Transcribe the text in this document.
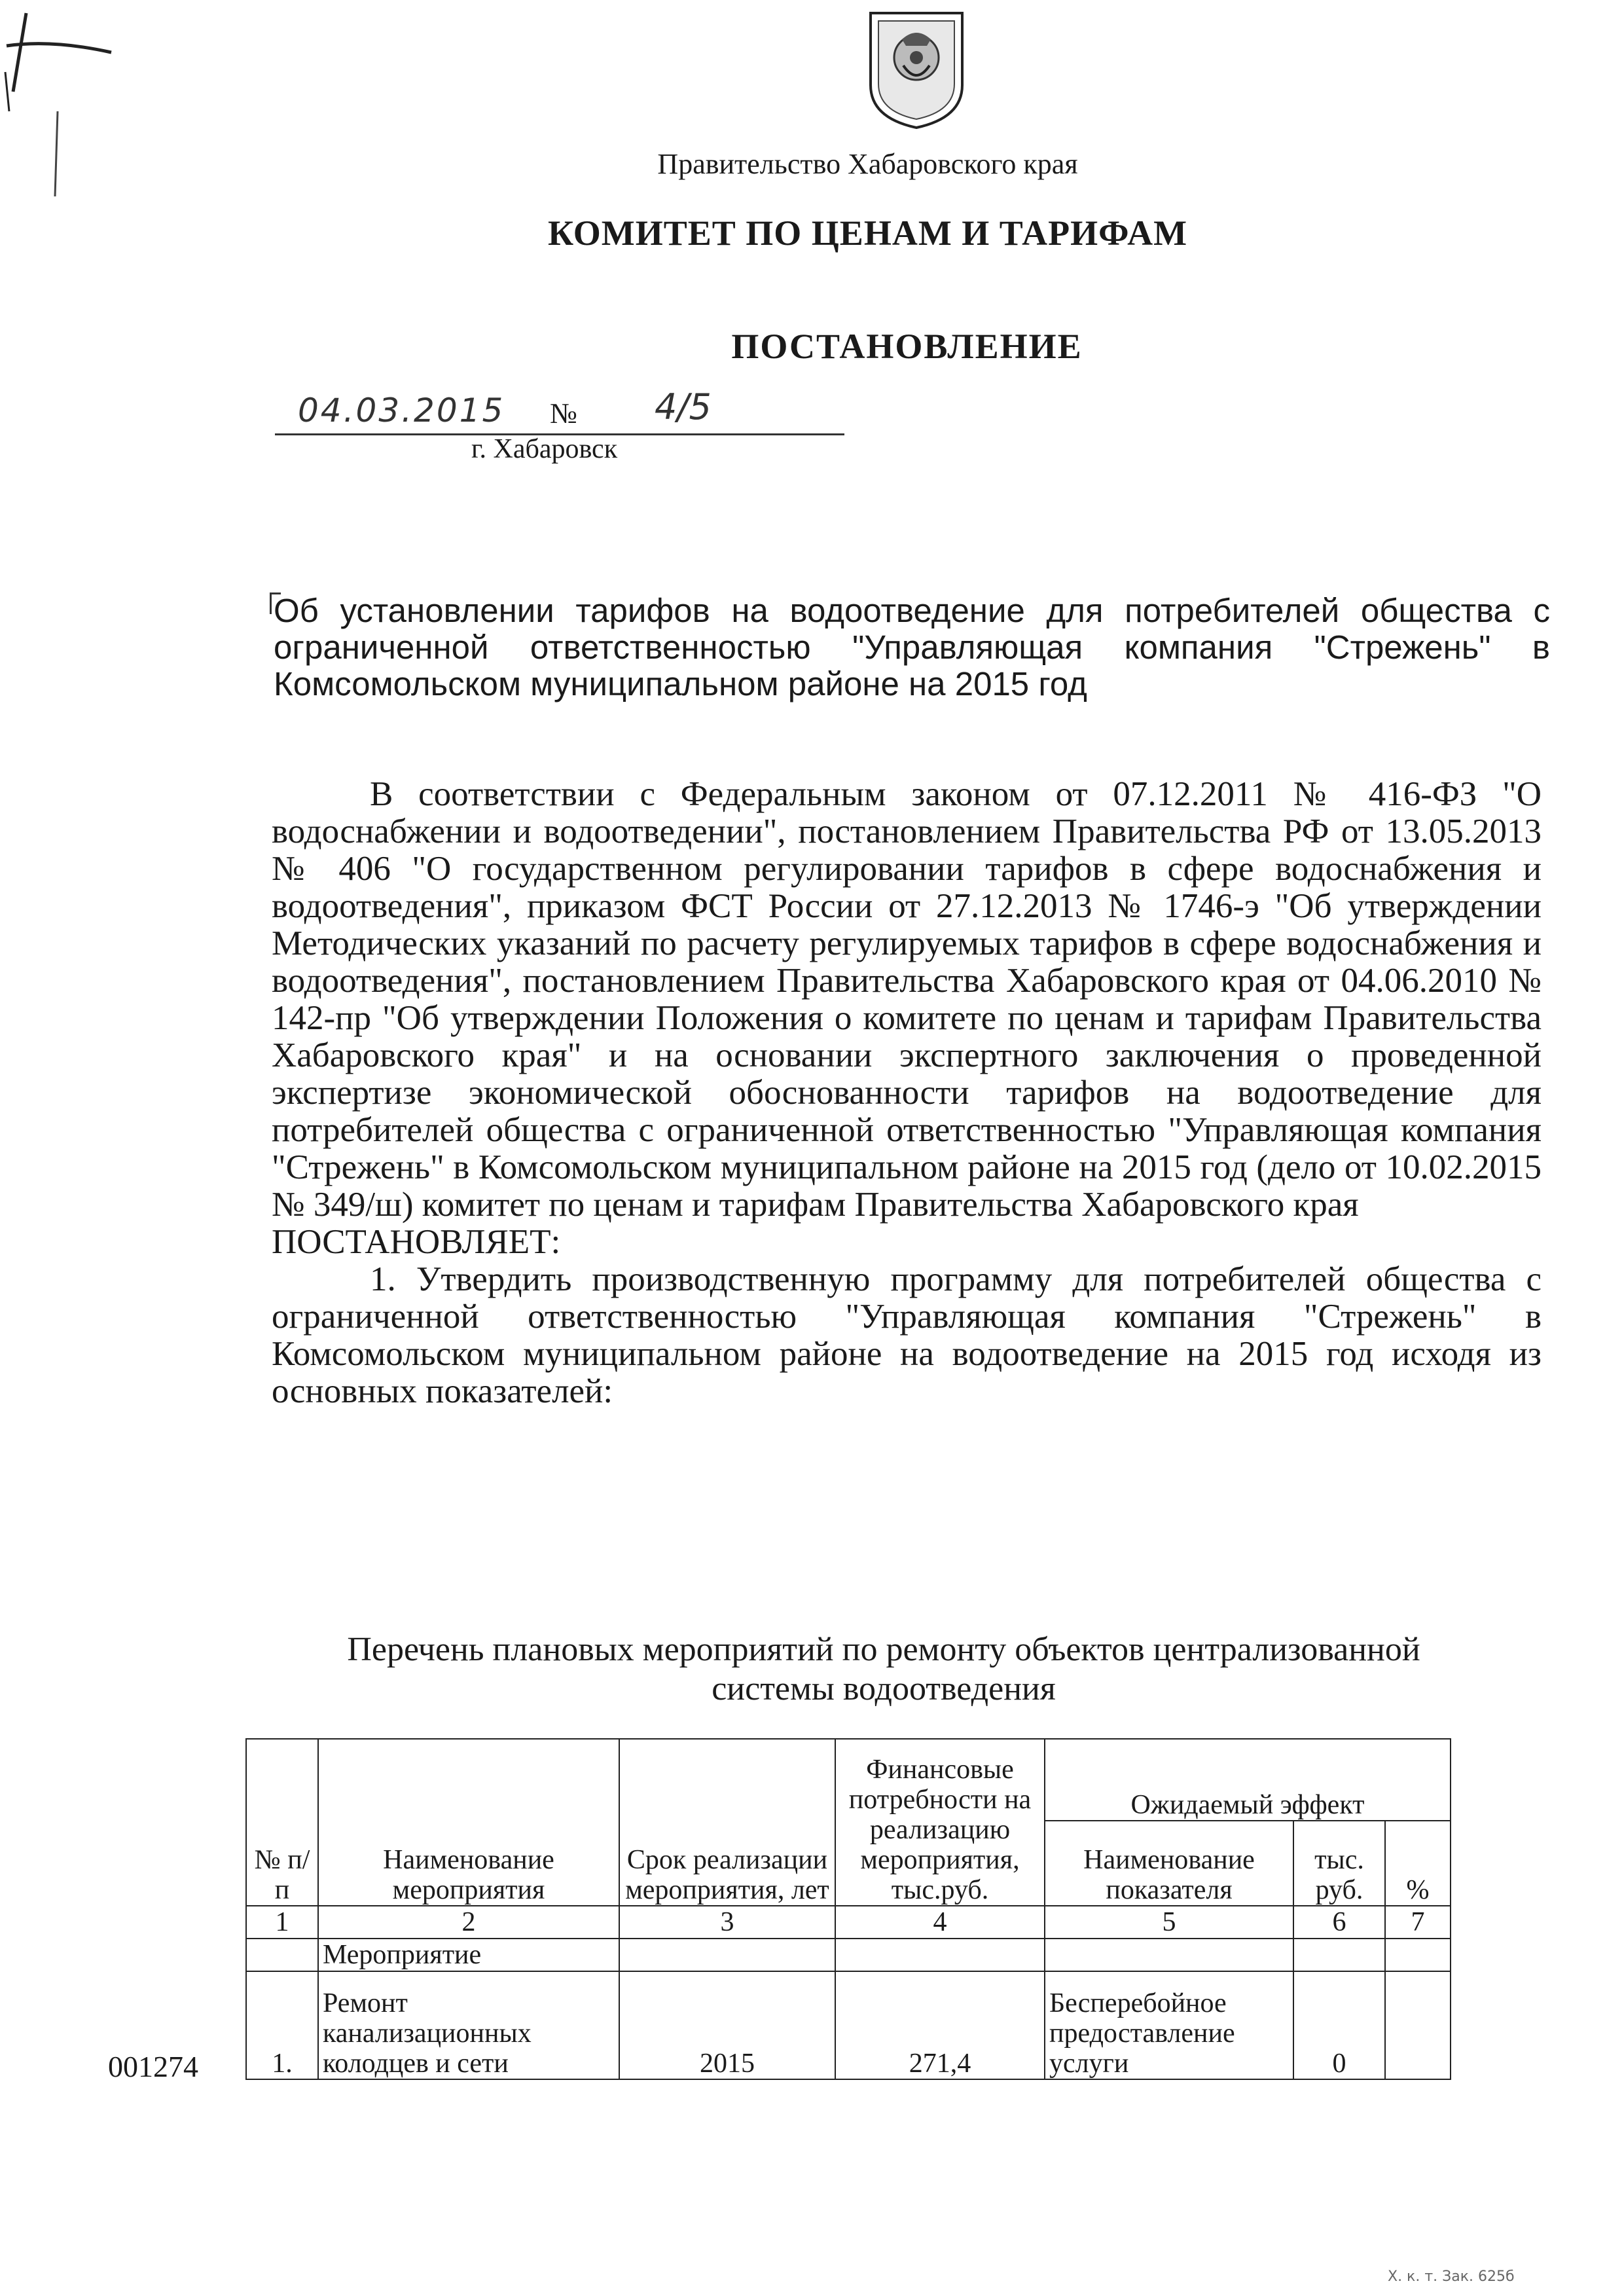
Правительство Хабаровского края
КОМИТЕТ ПО ЦЕНАМ И ТАРИФАМ
ПОСТАНОВЛЕНИЕ
04.03.2015 № 4/5
г. Хабаровск
Об установлении тарифов на водоотведение для потребителей общества с ограниченной ответственностью "Управляющая компания "Стрежень" в Комсомольском муниципальном районе на 2015 год

В соответствии с Федеральным законом от 07.12.2011 № 416-ФЗ "О водоснабжении и водоотведении", постановлением Правительства РФ от 13.05.2013 № 406 "О государственном регулировании тарифов в сфере водоснабжения и водоотведения", приказом ФСТ России от 27.12.2013 № 1746-э "Об утверждении Методических указаний по расчету регулируемых тарифов в сфере водоснабжения и водоотведения", постановлением Правительства Хабаровского края от 04.06.2010 № 142-пр "Об утверждении Положения о комитете по ценам и тарифам Правительства Хабаровского края" и на основании экспертного заключения о проведенной экспертизе экономической обоснованности тарифов на водоотведение для потребителей общества с ограниченной ответственностью "Управляющая компания "Стрежень" в Комсомольском муниципальном районе на 2015 год (дело от 10.02.2015 № 349/ш) комитет по ценам и тарифам Правительства Хабаровского края

ПОСТАНОВЛЯЕТ:

1. Утвердить производственную программу для потребителей общества с ограниченной ответственностью "Управляющая компания "Стрежень" в Комсомольском муниципальном районе на водоотведение на 2015 год исходя из основных показателей:

Перечень плановых мероприятий по ремонту объектов централизованной
системы водоотведения
№ п/п	Наименование мероприятия	Срок реализации мероприятия, лет	Финансовые потребности на реализацию мероприятия, тыс.руб.	Ожидаемый эффект		
				Наименование показателя	тыс. руб.	%
1	2	3	4	5	6	7
	Мероприятие					
1.	Ремонт канализационных колодцев и сети	2015	271,4	Бесперебойное предоставление услуги	0	
001274
Х. к. т. Зак. 625б
